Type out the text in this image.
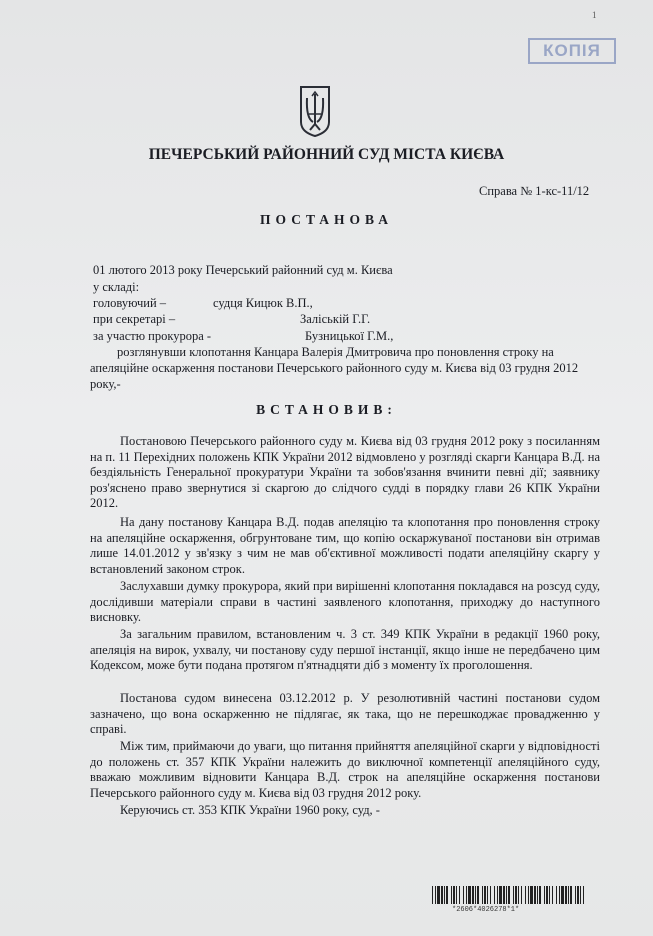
1
КОПІЯ
ПЕЧЕРСЬКИЙ РАЙОННИЙ СУД МІСТА КИЄВА
Справа № 1-кс-11/12
ПОСТАНОВА
01 лютого 2013 року Печерський районний суд м. Києва
у складі:
головуючий –	судця Кицюк В.П.,
при секретарі –	Заліській Г.Г.
за участю прокурора -	Бузницької Г.М.,
розглянувши клопотання Канцара Валерія Дмитровича про поновлення строку на
апеляційне оскарження постанови Печерського районного суду м. Києва від 03 грудня 2012
року,-
ВСТАНОВИВ:

Постановою Печерського районного суду м. Києва від 03 грудня 2012 року з посиланням на п. 11 Перехідних положень КПК України 2012 відмовлено у розгляді скарги Канцара В.Д. на бездіяльність Генеральної прокуратури України та зобов'язання вчинити певні дії; заявнику роз'яснено право звернутися зі скаргою до слідчого судді в порядку глави 26 КПК України 2012.

На дану постанову Канцара В.Д. подав апеляцію та клопотання про поновлення строку на апеляційне оскарження, обгрунтоване тим, що копію оскаржуваної постанови він отримав лише 14.01.2012 у зв'язку з чим не мав об'єктивної можливості подати апеляційну скаргу у встановлений законом строк.

Заслухавши думку прокурора, який при вирішенні клопотання покладався на розсуд суду, дослідивши матеріали справи в частині заявленого клопотання, приходжу до наступного висновку.

За загальним правилом, встановленим ч. 3 ст. 349 КПК України в редакції 1960 року, апеляція на вирок, ухвалу, чи постанову суду першої інстанції, якщо інше не передбачено цим Кодексом, може бути подана протягом п'ятнадцяти діб з моменту їх проголошення.

Постанова судом винесена 03.12.2012 р. У резолютивній частині постанови судом зазначено, що вона оскарженню не підлягає, як така, що не перешкоджає провадженню у справі.

Між тим, приймаючи до уваги, що питання прийняття апеляційної скарги у відповідності до положень ст. 357 КПК України належить до виключної компетенції апеляційного суду, вважаю можливим відновити Канцара В.Д. строк на апеляційне оскарження постанови Печерського районного суду м. Києва від 03 грудня 2012 року.

Керуючись ст. 353 КПК України 1960 року, суд, -

*2606*4026278*1*
